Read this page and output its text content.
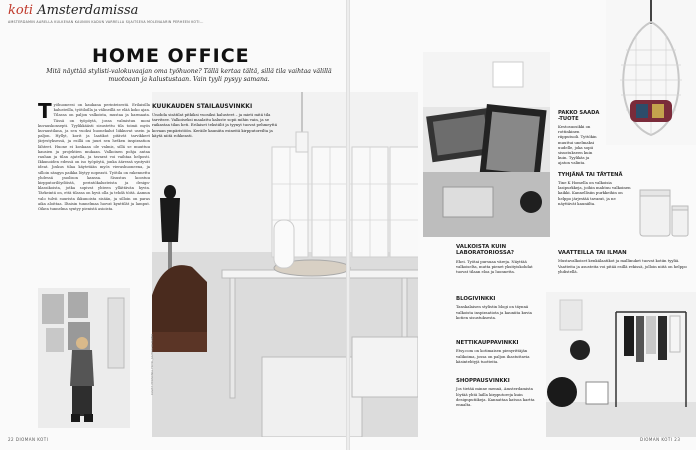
koti Amsterdamissa
AMSTERDAMIN ÄÄRELLÄ KULKEVAN KAUNIIN KADUN VARRELLA SIJAITSEVA MOLENAARIN PERHEEN KOTI...
HOME OFFICE
Mitä näyttää stylisti-valokuvaajan oma työhuone? Tällä kertaa tältä, sillä tila vaihtaa välillä muotoaan ja kalustustaan. Vain tyyli pysyy samana.
Työhuoneesi on kaukana perinteisestä. Erilaisilla kalusteilla, työtiloilla ja välineillä se elää koko ajan. Tilassa on paljon valkoista, mustaa ja harmaata. Tässä on työpöytä, jossa valmistuu moni kuvauskonsepti. Tyylikkäästi sisustettu tila toimii myös kuvaustilana, ja sen vuoksi huonekalut liikkuvat usein ja paljon. Hyllyt, korit ja laatikot pitävät tarvikkeet järjestyksessä, ja esillä on juuri sen hetken inspiraation lähteet. Huone ei koskaan ole valmis, sillä se muuttuu kausien ja projektien mukaan. Valkoinen pohja antaa rauhan ja tilan ajatella, ja tavarat voi vaihtaa helposti. Ikkunoiden edessä on iso työpöytä, jonka ääressä syntyvät ideat. Joskus tilaa käytetään myös vierashuoneena, ja silloin sängyn paikka löytyy nopeasti. Työtila on rakennettu yhdessä puolison kanssa. Sisustus koostuu kirpputorilöydöistä, perintökalusteista ja design-klassikoista, jotka sopivat yhteen yllättävän hyvin. Tärkeintä on, että tilassa on hyvä olla ja tehdä töitä. Aamun valo tulvii suurista ikkunoista sisään, ja silloin on paras aika aloittaa. Iltaisin tunnelmaa luovat kynttilät ja lamput. Oikea tunnelma syntyy pienistä asioista.
KUUKAUDEN STAILAUSVINKKI

Unohda sisätilat pitkiksi vuosiksi kalusteet – ja mieti mitä tila tarvitsee. Valkoiseksi maalattu kaluste sopii mihin vain, ja se raikastaa tilan heti. Erilaiset tekstiilit ja tyynyt tuovat pehmeyttä kovaan ympäristöön. Keräile kauniita esineitä kirpputoreilta ja käytä niitä rohkeasti.

KUVAT: PERSONAL FOTO, JUUTAAVIIRTANEN
22 DIOMAN KOTI
PAKKO SAADA -TUOTE

Kestosuosikki on rottinkinen riipputuoli. Tyttökin muuttui unelmaksi uudelle, joka sopii sisustukseen kuin kuin. Tyylikäs ja ajaton valinta.

TYHJÄNÄ TAI TÄYTENÄ

Tine K Homella on valkoisia lasipurkkeja, joihin mahtuu valkoinen kaikki. Kannellisiin purkkeihin on helppo järjestää tavarat, ja ne näyttävät kauniilta.

VALKOISTA KUIN LABORATORIOSSA?

Ehei. Työtai pursuaa väreja. Näyttää valkoiselta, mutta pienet yksityiskohdat tuovat tilaan eloa ja luonnetta.

BLOGIVINKKI

Tanskalaisen stylistin blogi on täynnä valkoista inspiraatiota ja kauniita kuvia kotien sisustuksesta.

NETTIKAUPPAVINKKI

Etsy.com on kotimaisen pienyrittäjän valikoima, jossa on paljon ihastuttavia käsintehtyjä tuotteita.

SHOPPAUSVINKKI

Jos tietää minne mennä, Amsterdamista löytää yhtä lailla kirpputoreja kuin designputiikeja. Kannattaa katsoa kartta ennalta.

VAATTEILLA TAI ILMAN

Mustavalkoiset kenkälaatikot ja mallinuket tuovat kotiin tyyliä. Vaatteita ja asusteita voi pitää esillä rekissä, jolloin niitä on helppo yhdistellä.

DIOMAN KOTI 23
